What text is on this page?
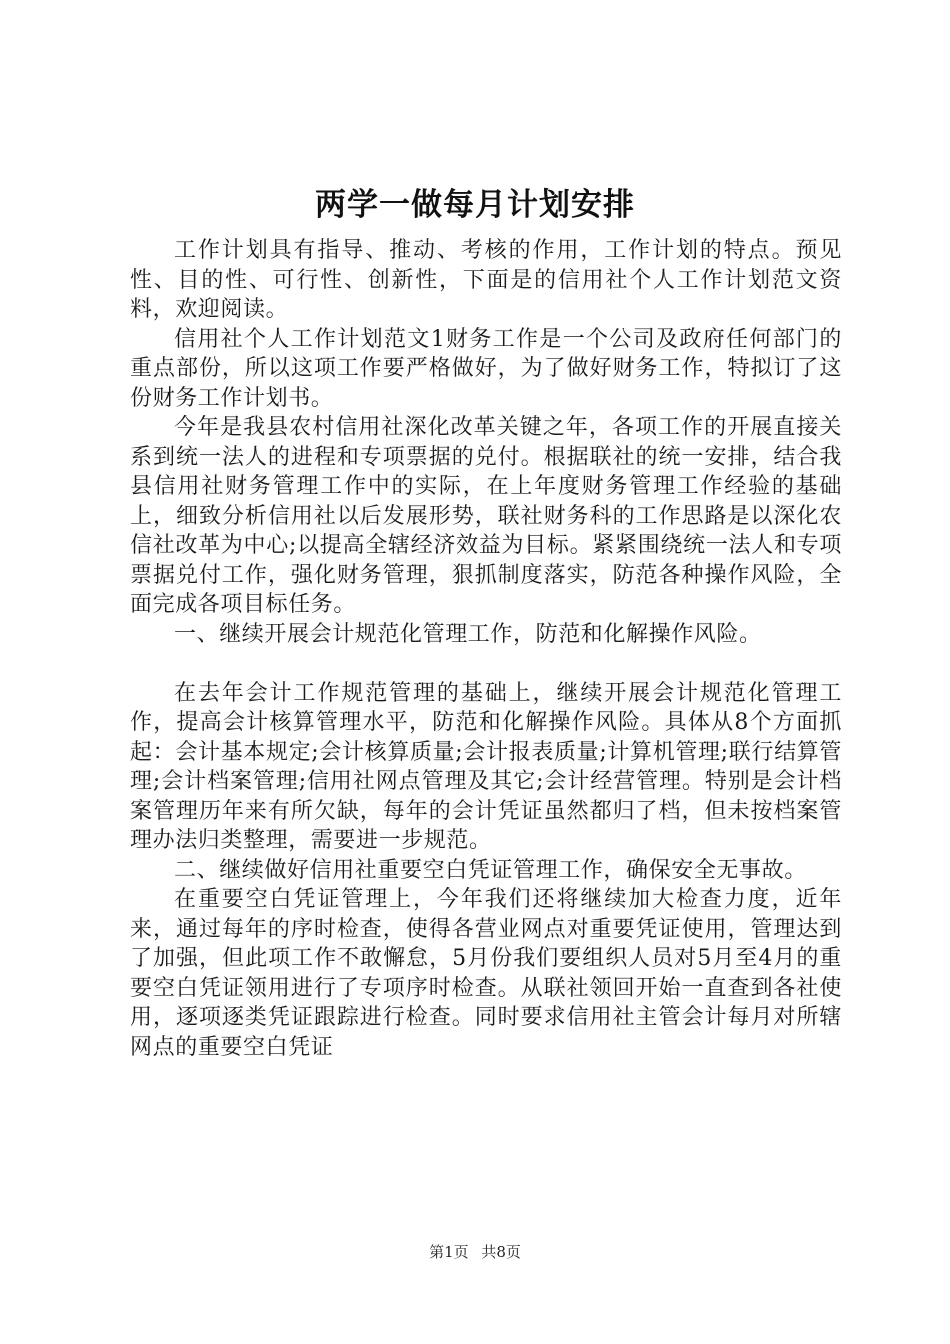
两学一做每月计划安排

工作计划具有指导、推动、考核的作用，工作计划的特点。预见性、目的性、可行性、创新性，下面是的信用社个人工作计划范文资料，欢迎阅读。

信用社个人工作计划范文1财务工作是一个公司及政府任何部门的重点部份，所以这项工作要严格做好，为了做好财务工作，特拟订了这份财务工作计划书。

今年是我县农村信用社深化改革关键之年，各项工作的开展直接关系到统一法人的进程和专项票据的兑付。根据联社的统一安排，结合我县信用社财务管理工作中的实际，在上年度财务管理工作经验的基础上，细致分析信用社以后发展形势，联社财务科的工作思路是以深化农信社改革为中心;以提高全辖经济效益为目标。紧紧围绕统一法人和专项票据兑付工作，强化财务管理，狠抓制度落实，防范各种操作风险，全面完成各项目标任务。

一、继续开展会计规范化管理工作，防范和化解操作风险。

在去年会计工作规范管理的基础上，继续开展会计规范化管理工作，提高会计核算管理水平，防范和化解操作风险。具体从8个方面抓起：会计基本规定;会计核算质量;会计报表质量;计算机管理;联行结算管理;会计档案管理;信用社网点管理及其它;会计经营管理。特别是会计档案管理历年来有所欠缺，每年的会计凭证虽然都归了档，但未按档案管理办法归类整理，需要进一步规范。

二、继续做好信用社重要空白凭证管理工作，确保安全无事故。

在重要空白凭证管理上，今年我们还将继续加大检查力度，近年来，通过每年的序时检查，使得各营业网点对重要凭证使用，管理达到了加强，但此项工作不敢懈怠，5月份我们要组织人员对5月至4月的重要空白凭证领用进行了专项序时检查。从联社领回开始一直查到各社使用，逐项逐类凭证跟踪进行检查。同时要求信用社主管会计每月对所辖网点的重要空白凭证

第1页 共8页
